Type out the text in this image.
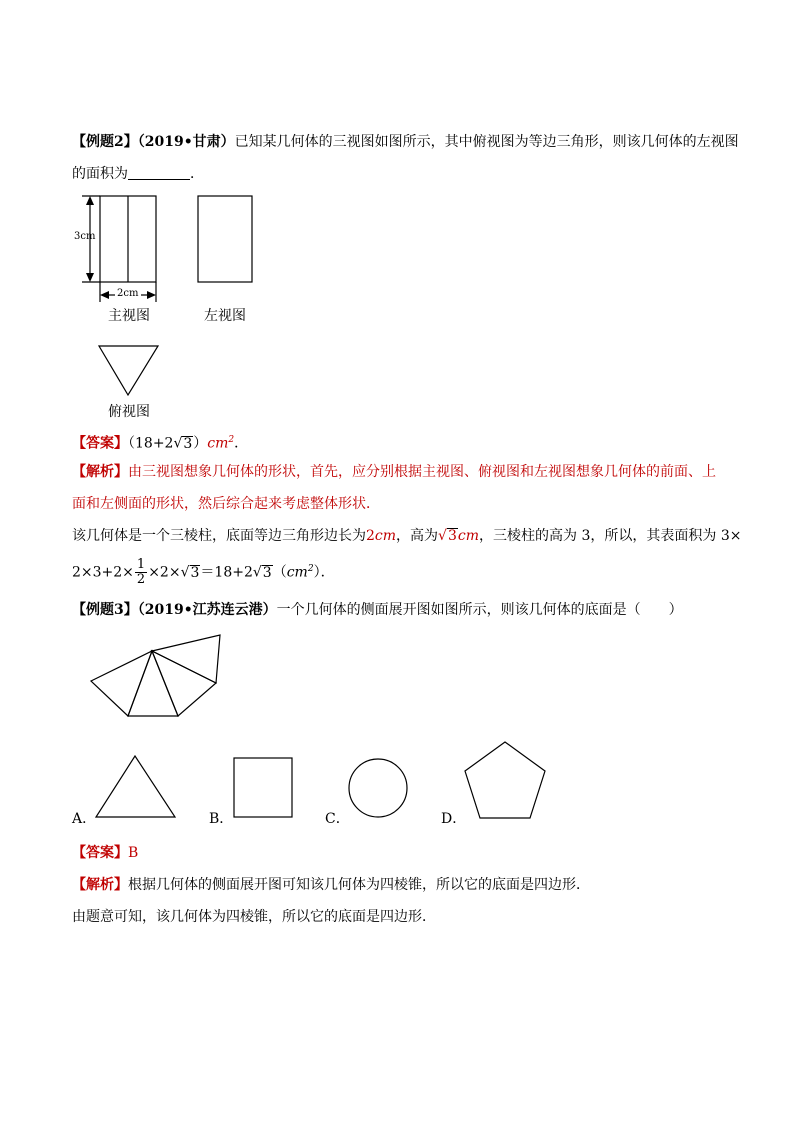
【例题2】（2019•甘肃）已知某几何体的三视图如图所示，其中俯视图为等边三角形，则该几何体的左视图
的面积为	．
3cm
2cm
主视图	左视图
俯视图
【答案】$(18+2√3)cm^2$．
【解析】由三视图想象几何体的形状，首先，应分别根据主视图、俯视图和左视图想象几何体的前面、上
面和左侧面的形状，然后综合起来考虑整体形状．
该几何体是一个三棱柱，底面等边三角形边长为2cm，高为√3cm，三棱柱的高为 3，所以，其表面积为 3×
$2\times 3+2\times \frac{1}{2} \times 2\times√3=18+2√3(cm^2)$．
【例题3】（2019•江苏连云港）一个几何体的侧面展开图如图所示，则该几何体的底面是（　　）
A．	B．	C．	D．
【答案】B
【解析】根据几何体的侧面展开图可知该几何体为四棱锥，所以它的底面是四边形．
由题意可知，该几何体为四棱锥，所以它的底面是四边形．
